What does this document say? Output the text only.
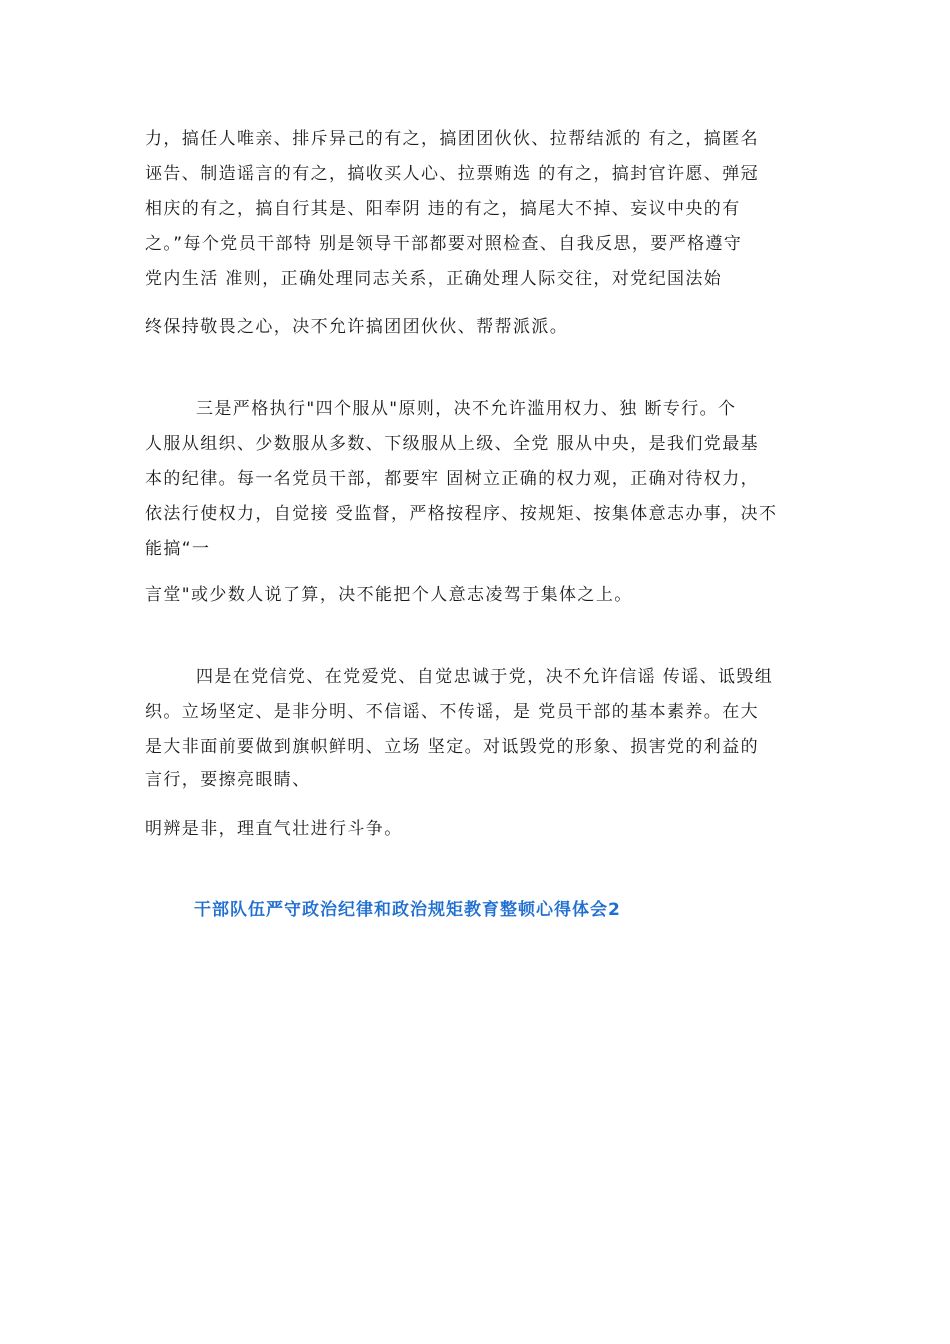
力，搞任人唯亲、排斥异己的有之，搞团团伙伙、拉帮结派的 有之，搞匿名
诬告、制造谣言的有之，搞收买人心、拉票贿选 的有之，搞封官许愿、弹冠
相庆的有之，搞自行其是、阳奉阴 违的有之，搞尾大不掉、妄议中央的有
之。”每个党员干部特 别是领导干部都要对照检查、自我反思，要严格遵守
党内生活 准则，正确处理同志关系，正确处理人际交往，对党纪国法始
终保持敬畏之心，决不允许搞团团伙伙、帮帮派派。
三是严格执行"四个服从"原则，决不允许滥用权力、独 断专行。个
人服从组织、少数服从多数、下级服从上级、全党 服从中央，是我们党最基
本的纪律。每一名党员干部，都要牢 固树立正确的权力观，正确对待权力，
依法行使权力，自觉接 受监督，严格按程序、按规矩、按集体意志办事，决不
能搞“一
言堂"或少数人说了算，决不能把个人意志凌驾于集体之上。
四是在党信党、在党爱党、自觉忠诚于党，决不允许信谣 传谣、诋毁组
织。立场坚定、是非分明、不信谣、不传谣，是 党员干部的基本素养。在大
是大非面前要做到旗帜鲜明、立场 坚定。对诋毁党的形象、损害党的利益的
言行，要擦亮眼睛、
明辨是非，理直气壮进行斗争。
干部队伍严守政治纪律和政治规矩教育整顿心得体会2
